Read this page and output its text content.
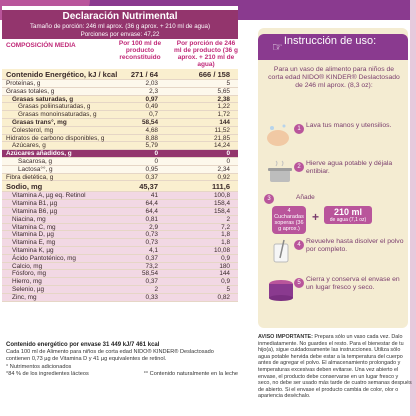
Declaración Nutrimental
Tamaño de porción: 246 ml aprox. (36 g aprox. + 210 ml de agua)
Porciones por envase: 47,22
COMPOSICIÓN MEDIA	Por 100 ml de producto reconstituido
Por porción de 246 ml de producto (36 g aprox. + 210 ml de agua)
Contenido Energético, kJ / kcal	271 / 64	666 / 158
Proteínas, g	2,03	5
Grasas totales, g	2,3	5,65
Grasas saturadas, g	0,97	2,38
Grasas poliinsaturadas, g	0,49	1,22
Grasas monoinsaturadas, g	0,7	1,72
Grasas trans°, mg	58,54	144
Colesterol, mg	4,68	11,52
Hidratos de carbono disponibles, g	8,88	21,85
Azúcares, g	5,79	14,24
Azúcares añadidos, g	0	0
Sacarosa, g	0	0
Lactosa°°, g	0,95	2,34
Fibra dietética, g	0,37	0,92
Sodio, mg	45,37	111,6
Vitamina A, µg eq. Retinol	41	100,8
Vitamina B1, µg	64,4	158,4
Vitamina B6, µg	64,4	158,4
Niacina, mg	0,81	2
Vitamina C, mg	2,9	7,2
Vitamina D, µg	0,73	1,8
Vitamina E, mg	0,73	1,8
Vitamina K, µg	4,1	10,08
Ácido Pantoténico, mg	0,37	0,9
Calcio, mg	73,2	180
Fósforo, mg	58,54	144
Hierro, mg	0,37	0,9
Selenio, µg	2	5
Zinc, mg	0,33	0,82
Contenido energético por envase 31 449 kJ/7 461 kcal
Cada 100 ml de Alimento para niños de corta edad NIDO® KINDER® Deslactosado contienen 0,73 µg de Vitamina D y 41 µg equivalentes de retinol.
° Nutrimentos adicionados
°84 % de los ingredientes lácteos	°° Contenido naturalmente en la leche
☞ Instrucción de uso:
Para un vaso de alimento para niños de corta edad NIDO® KINDER® Deslactosado de 246 ml aprox. (8,3 oz):
1 Lava tus manos y utensilios.
2 Hierve agua potable y déjala entibiar.
3	Añade
4 Cucharadas soperas (36 g aprox.)
+	210 ml
de agua (7,1 oz)
4 Revuelve hasta disolver el polvo por completo.
5 Cierra y conserva el envase en un lugar fresco y seco.
AVISO IMPORTANTE: Prepara sólo un vaso cada vez. Dalo inmediatamente. No guardes el resto. Para el bienestar de tu hijo(a), sigue cuidadosamente las instrucciones. Utiliza sólo agua potable hervida debe estar a la temperatura del cuerpo antes de agregar el polvo. El almacenamiento prolongado y temperaturas excesivas deben evitarse. Una vez abierto el envase, el producto debe conservarse en un lugar fresco y seco, no debe ser usado más tarde de cuatro semanas después de abierto. Si el envase el producto cambia de color, olor o apariencia deséchalo.
